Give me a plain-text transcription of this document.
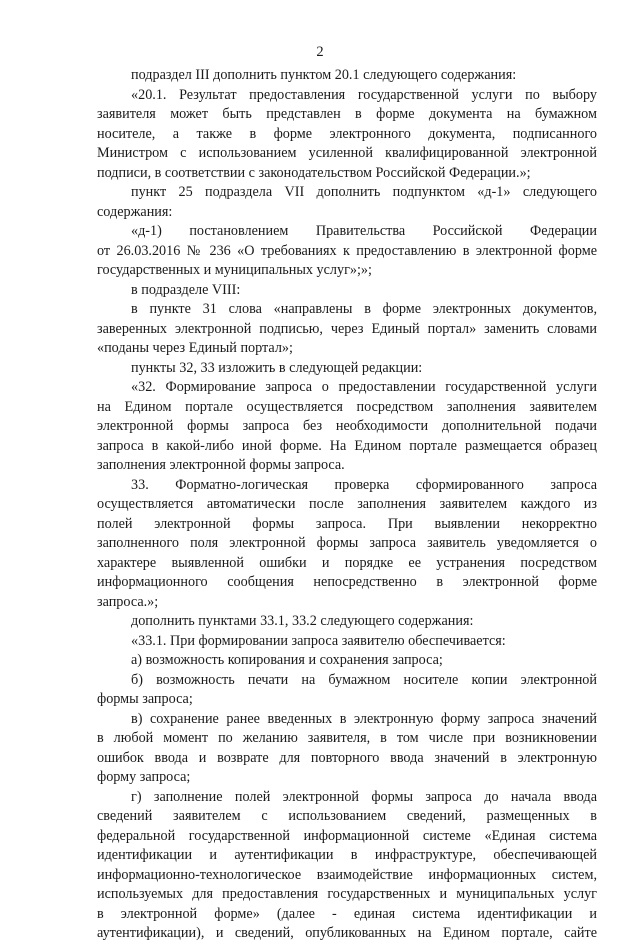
2
подраздел III дополнить пунктом 20.1 следующего содержания:
«20.1. Результат предоставления государственной услуги по выбору
заявителя может быть представлен в форме документа на бумажном
носителе, а также в форме электронного документа, подписанного
Министром с использованием усиленной квалифицированной электронной
подписи, в соответствии с законодательством Российской Федерации.»;
пункт 25 подраздела VII дополнить подпунктом «д-1» следующего
содержания:
«д-1) постановлением Правительства Российской Федерации
от 26.03.2016 № 236 «О требованиях к предоставлению в электронной форме
государственных и муниципальных услуг»;»;
в подразделе VIII:
в пункте 31 слова «направлены в форме электронных документов,
заверенных электронной подписью, через Единый портал» заменить словами
«поданы через Единый портал»;
пункты 32, 33 изложить в следующей редакции:
«32. Формирование запроса о предоставлении государственной услуги
на Едином портале осуществляется посредством заполнения заявителем
электронной формы запроса без необходимости дополнительной подачи
запроса в какой-либо иной форме. На Едином портале размещается образец
заполнения электронной формы запроса.
33. Форматно-логическая проверка сформированного запроса
осуществляется автоматически после заполнения заявителем каждого из
полей электронной формы запроса. При выявлении некорректно
заполненного поля электронной формы запроса заявитель уведомляется о
характере выявленной ошибки и порядке ее устранения посредством
информационного сообщения непосредственно в электронной форме
запроса.»;
дополнить пунктами 33.1, 33.2 следующего содержания:
«33.1. При формировании запроса заявителю обеспечивается:
а) возможность копирования и сохранения запроса;
б) возможность печати на бумажном носителе копии электронной
формы запроса;
в) сохранение ранее введенных в электронную форму запроса значений
в любой момент по желанию заявителя, в том числе при возникновении
ошибок ввода и возврате для повторного ввода значений в электронную
форму запроса;
г) заполнение полей электронной формы запроса до начала ввода
сведений заявителем с использованием сведений, размещенных в
федеральной государственной информационной системе «Единая система
идентификации и аутентификации в инфраструктуре, обеспечивающей
информационно-технологическое взаимодействие информационных систем,
используемых для предоставления государственных и муниципальных услуг
в электронной форме» (далее - единая система идентификации и
аутентификации), и сведений, опубликованных на Едином портале, сайте
